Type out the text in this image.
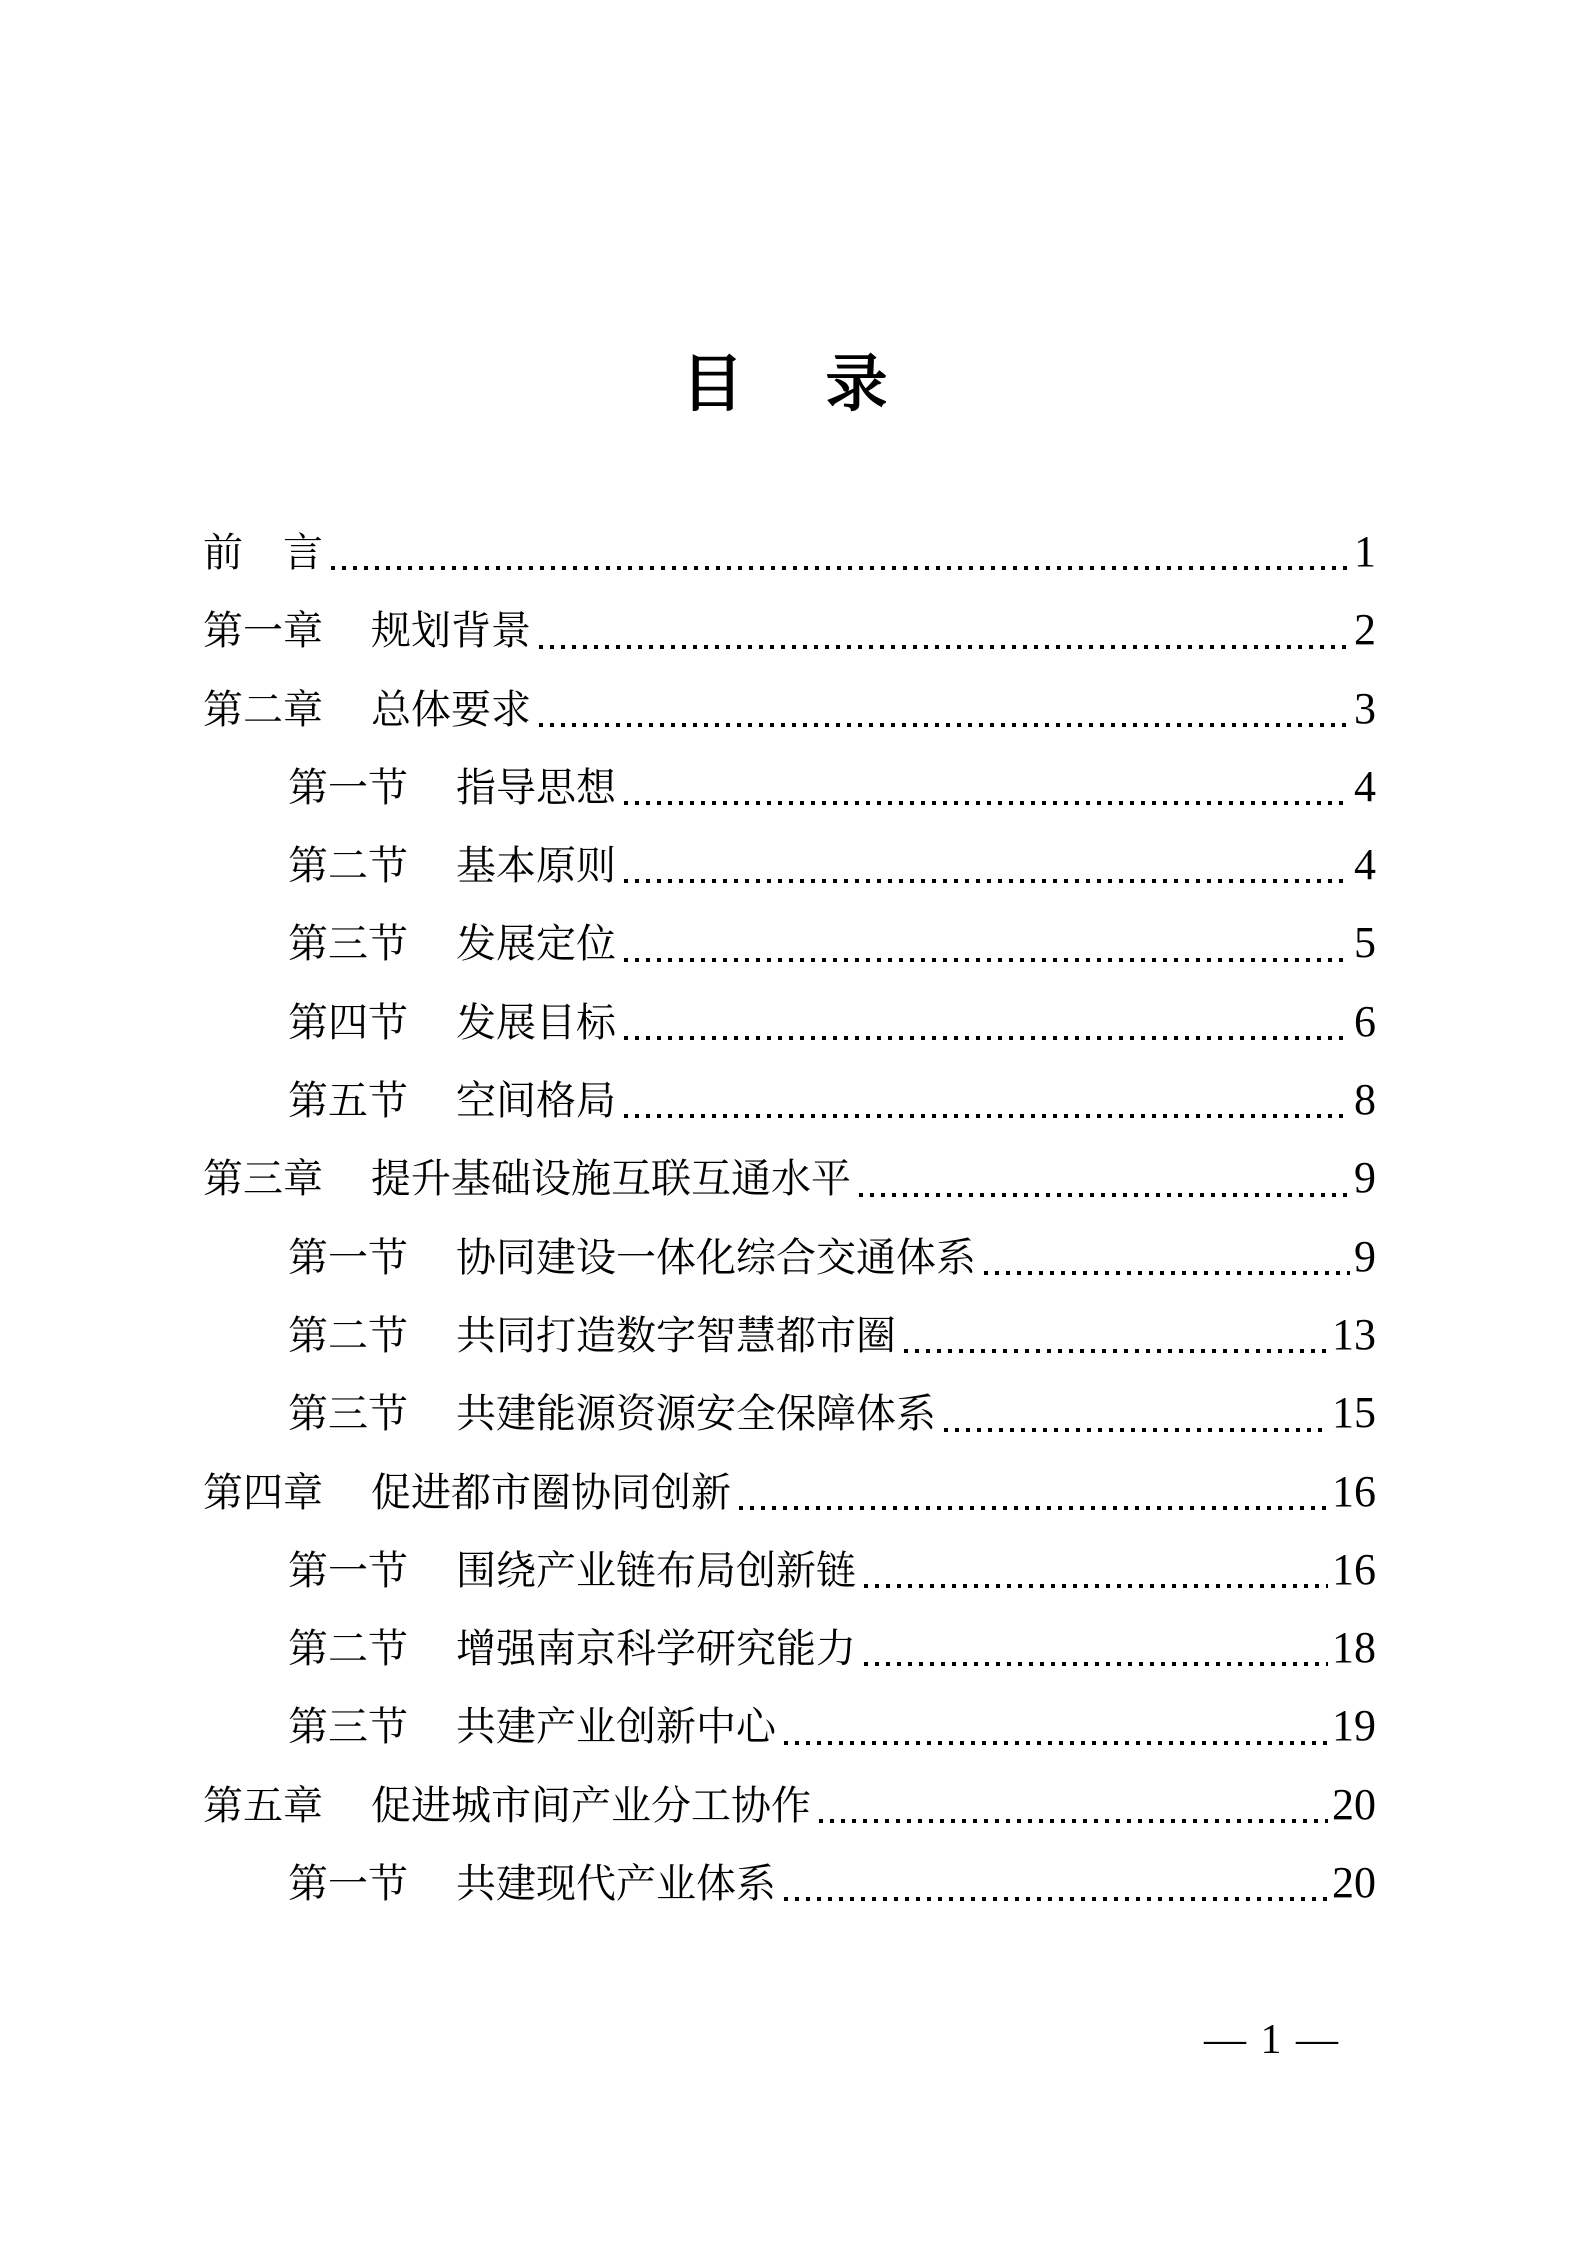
目　录
前　言	1
第一章 规划背景	2
第二章 总体要求	3
第一节 指导思想	4
第二节 基本原则	4
第三节 发展定位	5
第四节 发展目标	6
第五节 空间格局	8
第三章 提升基础设施互联互通水平	9
第一节 协同建设一体化综合交通体系	9
第二节 共同打造数字智慧都市圈	13
第三节 共建能源资源安全保障体系	15
第四章 促进都市圈协同创新	16
第一节 围绕产业链布局创新链	16
第二节 增强南京科学研究能力	18
第三节 共建产业创新中心	19
第五章 促进城市间产业分工协作	20
第一节 共建现代产业体系	20
— 1 —
